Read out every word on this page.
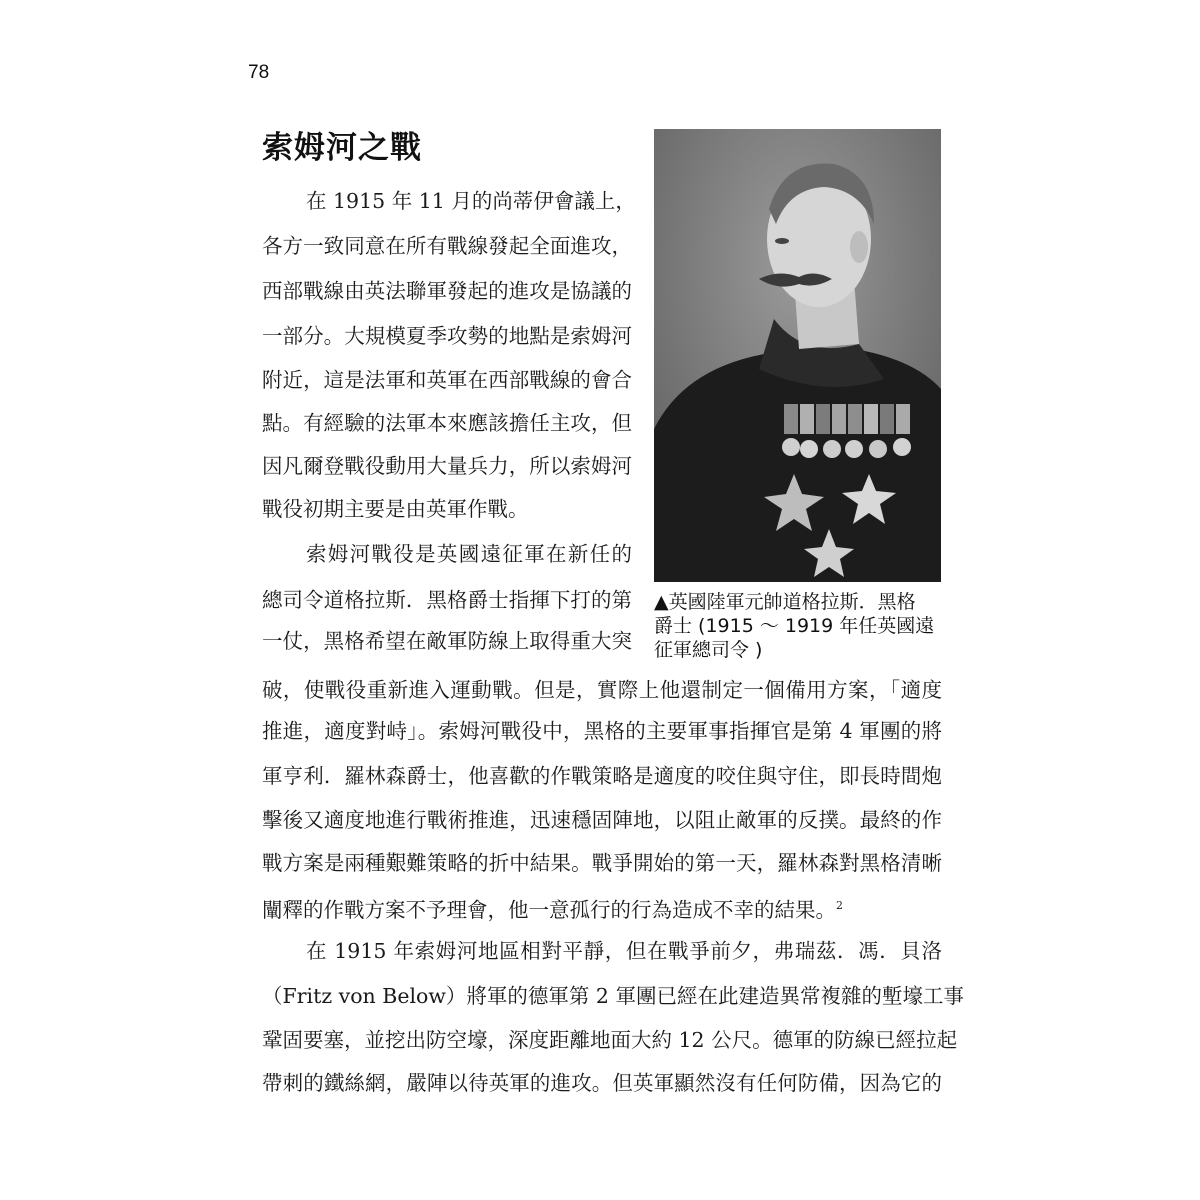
78
索姆河之戰
在 1915 年 11 月的尚蒂伊會議上，
各方一致同意在所有戰線發起全面進攻，
西部戰線由英法聯軍發起的進攻是協議的
一部分。大規模夏季攻勢的地點是索姆河
附近，這是法軍和英軍在西部戰線的會合
點。有經驗的法軍本來應該擔任主攻，但
因凡爾登戰役動用大量兵力，所以索姆河
戰役初期主要是由英軍作戰。
索姆河戰役是英國遠征軍在新任的
總司令道格拉斯．黑格爵士指揮下打的第
一仗，黑格希望在敵軍防線上取得重大突
▲英國陸軍元帥道格拉斯．黑格
爵士 (1915 ～ 1919 年任英國遠
征軍總司令 )
破，使戰役重新進入運動戰。但是，實際上他還制定一個備用方案，「適度
推進，適度對峙」。索姆河戰役中，黑格的主要軍事指揮官是第 4 軍團的將
軍亨利．羅林森爵士，他喜歡的作戰策略是適度的咬住與守住，即長時間炮
擊後又適度地進行戰術推進，迅速穩固陣地，以阻止敵軍的反撲。最終的作
戰方案是兩種艱難策略的折中結果。戰爭開始的第一天，羅林森對黑格清晰
闡釋的作戰方案不予理會，他一意孤行的行為造成不幸的結果。$^2$
在 1915 年索姆河地區相對平靜，但在戰爭前夕，弗瑞茲．馮．貝洛
（Fritz von Below）將軍的德軍第 2 軍團已經在此建造異常複雜的塹壕工事
鞏固要塞，並挖出防空壕，深度距離地面大約 12 公尺。德軍的防線已經拉起
帶刺的鐵絲網，嚴陣以待英軍的進攻。但英軍顯然沒有任何防備，因為它的
